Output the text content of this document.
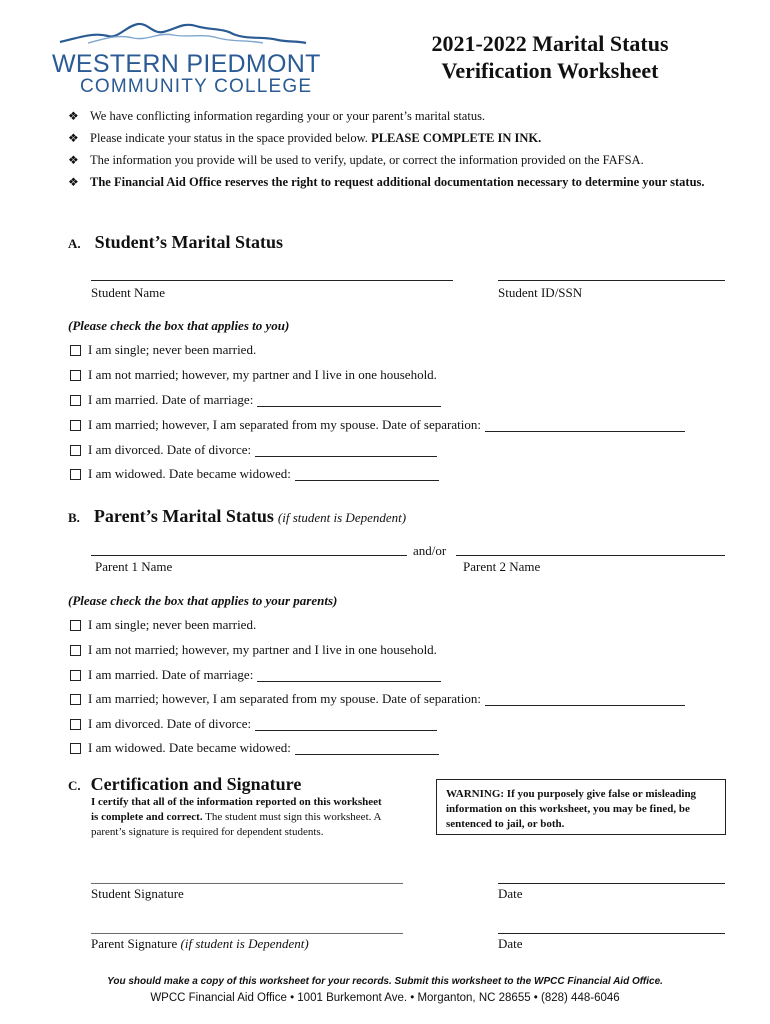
WESTERN PIEDMONT
COMMUNITY COLLEGE
2021-2022 Marital Status
Verification Worksheet
❖ We have conflicting information regarding your or your parent’s marital status.
❖ Please indicate your status in the space provided below. PLEASE COMPLETE IN INK.
❖ The information you provide will be used to verify, update, or correct the information provided on the FAFSA.
❖ The Financial Aid Office reserves the right to request additional documentation necessary to determine your status.
A. Student’s Marital Status
Student Name	Student ID/SSN
(Please check the box that applies to you)
I am single; never been married.
I am not married; however, my partner and I live in one household.
I am married. Date of marriage:
I am married; however, I am separated from my spouse. Date of separation:
I am divorced. Date of divorce:
I am widowed. Date became widowed:
B. Parent’s Marital Status (if student is Dependent)
and/or
Parent 1 Name	Parent 2 Name
(Please check the box that applies to your parents)
I am single; never been married.
I am not married; however, my partner and I live in one household.
I am married. Date of marriage:
I am married; however, I am separated from my spouse. Date of separation:
I am divorced. Date of divorce:
I am widowed. Date became widowed:
C. Certification and Signature
I certify that all of the information reported on this worksheet is complete and correct. The student must sign this worksheet. A parent’s signature is required for dependent students.
WARNING: If you purposely give false or misleading information on this worksheet, you may be fined, be sentenced to jail, or both.
________________________________________________
Student Signature	Date
________________________________________________
Parent Signature (if student is Dependent)	Date
You should make a copy of this worksheet for your records. Submit this worksheet to the WPCC Financial Aid Office.
WPCC Financial Aid Office • 1001 Burkemont Ave. • Morganton, NC 28655 • (828) 448-6046
